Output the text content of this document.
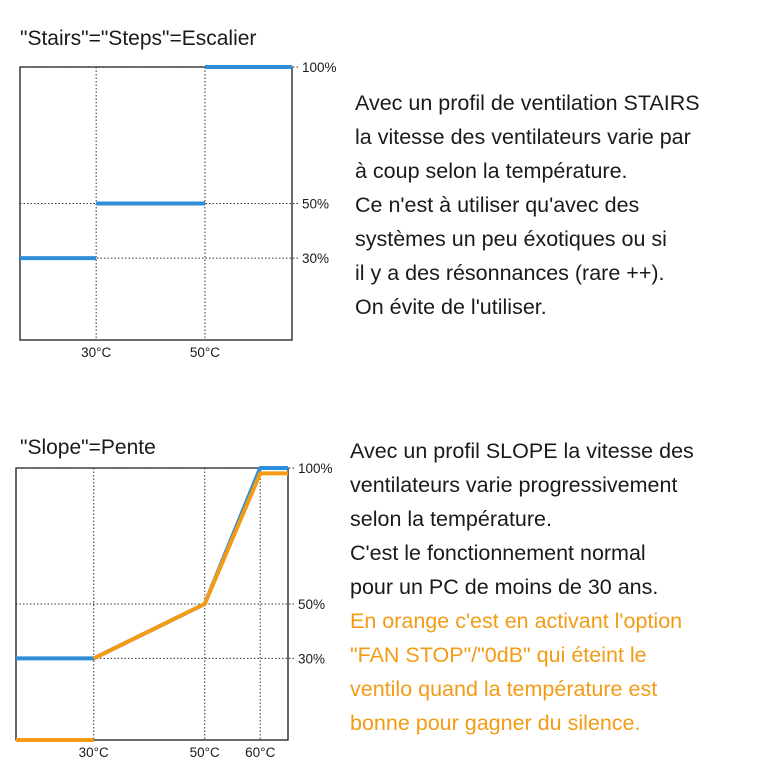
"Stairs"="Steps"=Escalier
30°C	50°C
100%
50%
30%

Avec un profil de ventilation STAIRS
la vitesse des ventilateurs varie par
à coup selon la température.
Ce n'est à utiliser qu'avec des
systèmes un peu éxotiques ou si
il y a des résonnances (rare ++).
On évite de l'utiliser.

"Slope"=Pente
30°C	50°C 60°C
100%
50%
30%

Avec un profil SLOPE la vitesse des
ventilateurs varie progressivement
selon la température.
C'est le fonctionnement normal
pour un PC de moins de 30 ans.
En orange c'est en activant l'option
"FAN STOP"/"0dB" qui éteint le
ventilo quand la température est
bonne pour gagner du silence.
